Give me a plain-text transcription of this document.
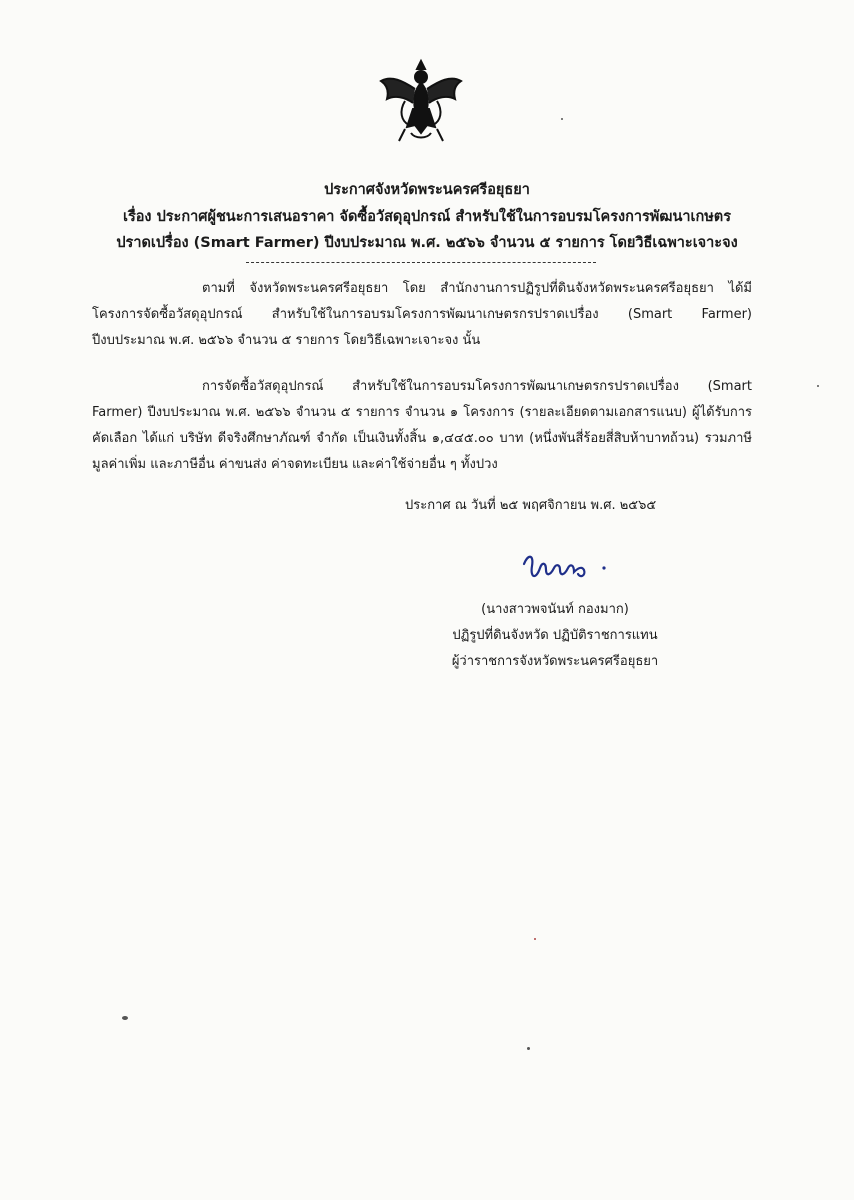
ประกาศจังหวัดพระนครศรีอยุธยา
เรื่อง ประกาศผู้ชนะการเสนอราคา จัดซื้อวัสดุอุปกรณ์ สำหรับใช้ในการอบรมโครงการพัฒนาเกษตร
ปราดเปรื่อง (Smart Farmer) ปีงบประมาณ พ.ศ. ๒๕๖๖ จำนวน ๕ รายการ โดยวิธีเฉพาะเจาะจง

ตามที่ จังหวัดพระนครศรีอยุธยา โดย สำนักงานการปฏิรูปที่ดินจังหวัดพระนครศรีอยุธยา ได้มีโครงการจัดซื้อวัสดุอุปกรณ์ สำหรับใช้ในการอบรมโครงการพัฒนาเกษตรกรปราดเปรื่อง (Smart Farmer) ปีงบประมาณ พ.ศ. ๒๕๖๖ จำนวน ๕ รายการ โดยวิธีเฉพาะเจาะจง นั้น

การจัดซื้อวัสดุอุปกรณ์ สำหรับใช้ในการอบรมโครงการพัฒนาเกษตรกรปราดเปรื่อง (Smart Farmer) ปีงบประมาณ พ.ศ. ๒๕๖๖ จำนวน ๕ รายการ จำนวน ๑ โครงการ (รายละเอียดตามเอกสารแนบ) ผู้ได้รับการคัดเลือก ได้แก่ บริษัท ดีจริงศึกษาภัณฑ์ จำกัด เป็นเงินทั้งสิ้น ๑,๔๔๕.๐๐ บาท (หนึ่งพันสี่ร้อยสี่สิบห้าบาทถ้วน) รวมภาษีมูลค่าเพิ่ม และภาษีอื่น ค่าขนส่ง ค่าจดทะเบียน และค่าใช้จ่ายอื่น ๆ ทั้งปวง

ประกาศ ณ วันที่ ๒๕ พฤศจิกายน พ.ศ. ๒๕๖๕
(นางสาวพจนันท์ กองมาก)
ปฏิรูปที่ดินจังหวัด ปฏิบัติราชการแทน
ผู้ว่าราชการจังหวัดพระนครศรีอยุธยา
